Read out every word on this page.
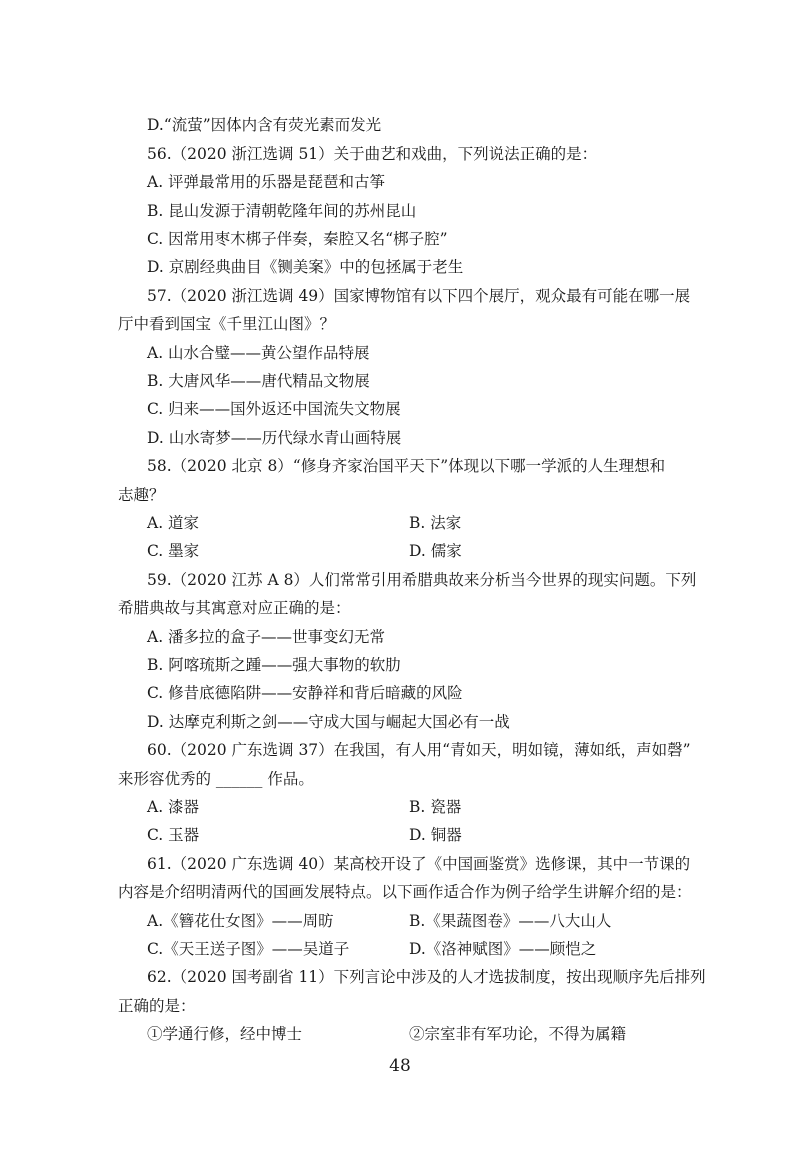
D.“流萤”因体内含有荧光素而发光
56.（2020 浙江选调 51）关于曲艺和戏曲，下列说法正确的是：
A. 评弹最常用的乐器是琵琶和古筝
B. 昆山发源于清朝乾隆年间的苏州昆山
C. 因常用枣木梆子伴奏，秦腔又名“梆子腔”
D. 京剧经典曲目《铡美案》中的包拯属于老生
57.（2020 浙江选调 49）国家博物馆有以下四个展厅，观众最有可能在哪一展
厅中看到国宝《千里江山图》？
A. 山水合璧——黄公望作品特展
B. 大唐风华——唐代精品文物展
C. 归来——国外返还中国流失文物展
D. 山水寄梦——历代绿水青山画特展
58.（2020 北京 8）“修身齐家治国平天下”体现以下哪一学派的人生理想和
志趣？
A. 道家	B. 法家
C. 墨家	D. 儒家
59.（2020 江苏 A 8）人们常常引用希腊典故来分析当今世界的现实问题。下列
希腊典故与其寓意对应正确的是：
A. 潘多拉的盒子——世事变幻无常
B. 阿喀琉斯之踵——强大事物的软肋
C. 修昔底德陷阱——安静祥和背后暗藏的风险
D. 达摩克利斯之剑——守成大国与崛起大国必有一战
60.（2020 广东选调 37）在我国，有人用“青如天，明如镜，薄如纸，声如磬”
来形容优秀的 ______ 作品。
A. 漆器	B. 瓷器
C. 玉器	D. 铜器
61.（2020 广东选调 40）某高校开设了《中国画鉴赏》选修课，其中一节课的
内容是介绍明清两代的国画发展特点。以下画作适合作为例子给学生讲解介绍的是：
A.《簪花仕女图》——周昉	B.《果蔬图卷》——八大山人
C.《天王送子图》——吴道子	D.《洛神赋图》——顾恺之
62.（2020 国考副省 11）下列言论中涉及的人才选拔制度，按出现顺序先后排列
正确的是：
①学通行修，经中博士	②宗室非有军功论，不得为属籍
48
